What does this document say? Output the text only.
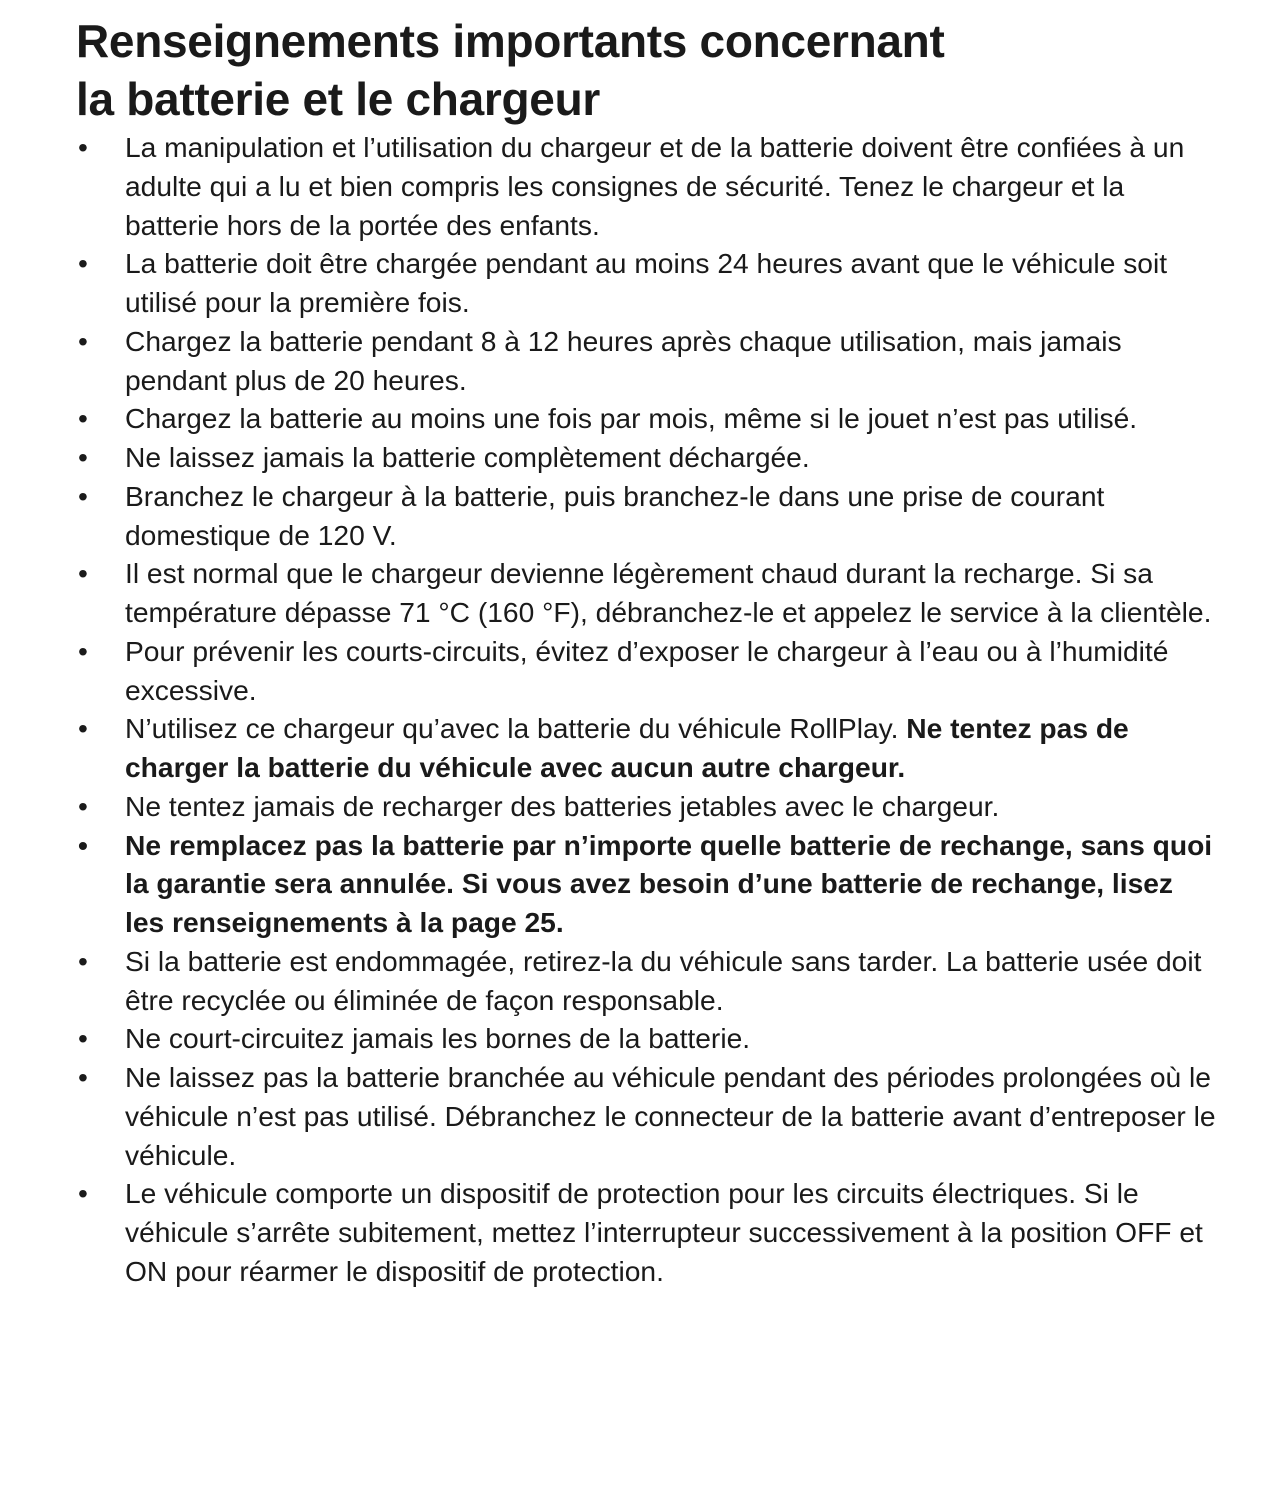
Renseignements importants concernant
la batterie et le chargeur
• La manipulation et l’utilisation du chargeur et de la batterie doivent être confiées à un adulte qui a lu et bien compris les consignes de sécurité. Tenez le chargeur et la batterie hors de la portée des enfants.
• La batterie doit être chargée pendant au moins 24 heures avant que le véhicule soit utilisé pour la première fois.
• Chargez la batterie pendant 8 à 12 heures après chaque utilisation, mais jamais pendant plus de 20 heures.
• Chargez la batterie au moins une fois par mois, même si le jouet n’est pas utilisé.
• Ne laissez jamais la batterie complètement déchargée.
• Branchez le chargeur à la batterie, puis branchez-le dans une prise de courant domestique de 120 V.
• Il est normal que le chargeur devienne légèrement chaud durant la recharge. Si sa température dépasse 71 °C (160 °F), débranchez-le et appelez le service à la clientèle.
• Pour prévenir les courts-circuits, évitez d’exposer le chargeur à l’eau ou à l’humidité excessive.
• N’utilisez ce chargeur qu’avec la batterie du véhicule RollPlay. Ne tentez pas de charger la batterie du véhicule avec aucun autre chargeur.
• Ne tentez jamais de recharger des batteries jetables avec le chargeur.
• Ne remplacez pas la batterie par n’importe quelle batterie de rechange, sans quoi la garantie sera annulée. Si vous avez besoin d’une batterie de rechange, lisez les renseignements à la page 25.
• Si la batterie est endommagée, retirez-la du véhicule sans tarder. La batterie usée doit être recyclée ou éliminée de façon responsable.
• Ne court-circuitez jamais les bornes de la batterie.
• Ne laissez pas la batterie branchée au véhicule pendant des périodes prolongées où le véhicule n’est pas utilisé. Débranchez le connecteur de la batterie avant d’entreposer le véhicule.
• Le véhicule comporte un dispositif de protection pour les circuits électriques. Si le véhicule s’arrête subitement, mettez l’interrupteur successivement à la position OFF et ON pour réarmer le dispositif de protection.
